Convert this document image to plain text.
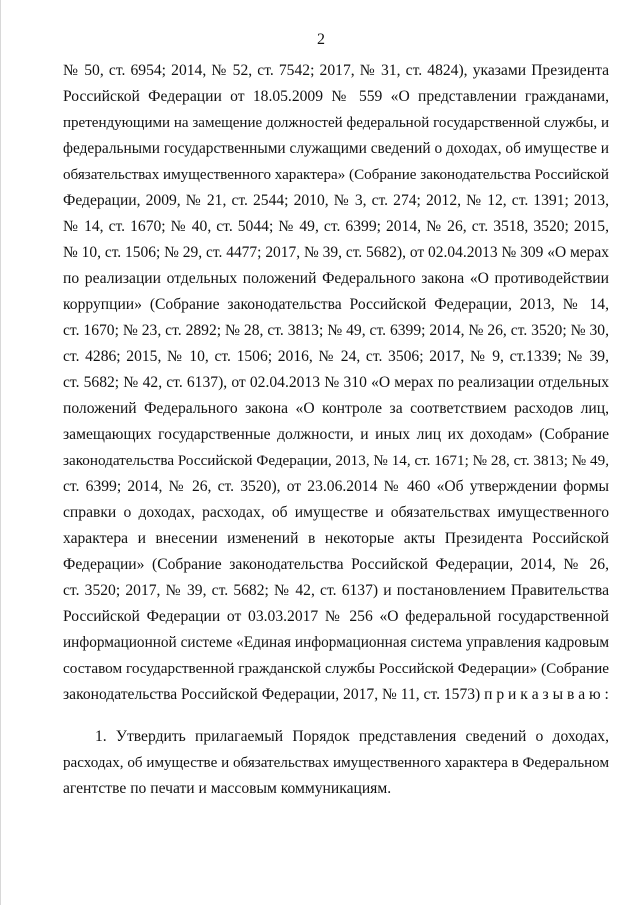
2
№ 50, ст. 6954; 2014, № 52, ст. 7542; 2017, № 31, ст. 4824), указами Президента
Российской Федерации от 18.05.2009 № 559 «О представлении гражданами,
претендующими на замещение должностей федеральной государственной службы, и
федеральными государственными служащими сведений о доходах, об имуществе и
обязательствах имущественного характера» (Собрание законодательства Российской
Федерации, 2009, № 21, ст. 2544; 2010, № 3, ст. 274; 2012, № 12, ст. 1391; 2013,
№ 14, ст. 1670; № 40, ст. 5044; № 49, ст. 6399; 2014, № 26, ст. 3518, 3520; 2015,
№ 10, ст. 1506; № 29, ст. 4477; 2017, № 39, ст. 5682), от 02.04.2013 № 309 «О мерах
по реализации отдельных положений Федерального закона «О противодействии
коррупции» (Собрание законодательства Российской Федерации, 2013, № 14,
ст. 1670; № 23, ст. 2892; № 28, ст. 3813; № 49, ст. 6399; 2014, № 26, ст. 3520; № 30,
ст. 4286; 2015, № 10, ст. 1506; 2016, № 24, ст. 3506; 2017, № 9, ст.1339; № 39,
ст. 5682; № 42, ст. 6137), от 02.04.2013 № 310 «О мерах по реализации отдельных
положений Федерального закона «О контроле за соответствием расходов лиц,
замещающих государственные должности, и иных лиц их доходам» (Собрание
законодательства Российской Федерации, 2013, № 14, ст. 1671; № 28, ст. 3813; № 49,
ст. 6399; 2014, № 26, ст. 3520), от 23.06.2014 № 460 «Об утверждении формы
справки о доходах, расходах, об имуществе и обязательствах имущественного
характера и внесении изменений в некоторые акты Президента Российской
Федерации» (Собрание законодательства Российской Федерации, 2014, № 26,
ст. 3520; 2017, № 39, ст. 5682; № 42, ст. 6137) и постановлением Правительства
Российской Федерации от 03.03.2017 № 256 «О федеральной государственной
информационной системе «Единая информационная система управления кадровым
составом государственной гражданской службы Российской Федерации» (Собрание
законодательства Российской Федерации, 2017, № 11, ст. 1573) п р и к а з ы в а ю :
1. Утвердить прилагаемый Порядок представления сведений о доходах,
расходах, об имуществе и обязательствах имущественного характера в Федеральном
агентстве по печати и массовым коммуникациям.
